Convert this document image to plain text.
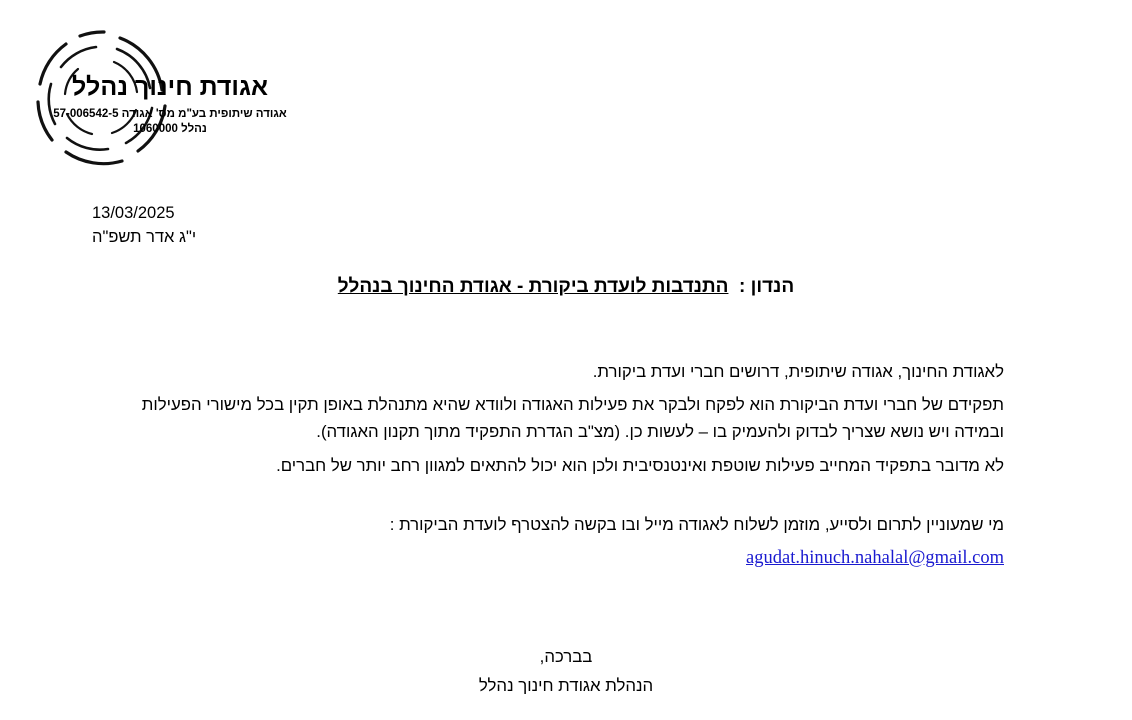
אגודת חינוך נהלל
אגודה שיתופית בע"מ מס' אגודה 57-006542-5
נהלל 1060000
13/03/2025
י"ג אדר תשפ"ה
הנדון :  התנדבות לועדת ביקורת - אגודת החינוך בנהלל

לאגודת החינוך, אגודה שיתופית, דרושים חברי ועדת ביקורת.

תפקידם של חברי ועדת הביקורת הוא לפקח ולבקר את פעילות האגודה ולוודא שהיא מתנהלת באופן תקין בכל מישורי הפעילות ובמידה ויש נושא שצריך לבדוק ולהעמיק בו – לעשות כן. (מצ"ב הגדרת התפקיד מתוך תקנון האגודה).

לא מדובר בתפקיד המחייב פעילות שוטפת ואינטנסיבית ולכן הוא יכול להתאים למגוון רחב יותר של חברים.

מי שמעוניין לתרום ולסייע, מוזמן לשלוח לאגודה מייל ובו בקשה להצטרף לועדת הביקורת :

agudat.hinuch.nahalal@gmail.com
בברכה,
הנהלת אגודת חינוך נהלל
